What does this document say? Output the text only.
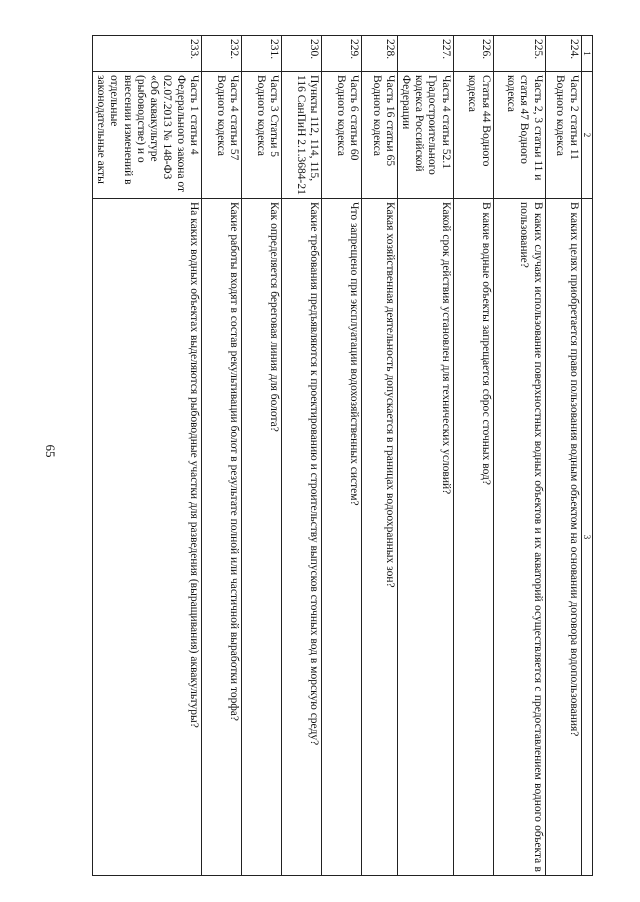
65
1	2	3
224.	Часть 2 статьи 11 Водного кодекса	В каких целях приобретается право пользования водным объектом на основании договора водопользования?
225.	Часть 2, 3 статьи 11 и статья 47 Водного кодекса	В каких случаях использование поверхностных водных объектов и их акваторий осуществляется с предоставлением водного объекта в пользование?
226.	Статья 44 Водного кодекса	В какие водные объекты запрещается сброс сточных вод?
227.	Часть 4 статьи 52.1 Градостроительного кодекса Российской Федерации	Какой срок действия установлен для технических условий?
228.	Часть 16 статьи 65 Водного кодекса	Какая хозяйственная деятельность допускается в границах водоохранных зон?
229.	Часть 6 статьи 60 Водного кодекса	Что запрещено при эксплуатации водохозяйственных систем?
230.	Пункты 112, 114, 115, 116 СанПиН 2.1.3684-21	Какие требования предъявляются к проектированию и строительству выпусков сточных вод в морскую среду?
231.	Часть 3 Статьи 5 Водного кодекса	Как определяется береговая линия для болота?
232.	Часть 4 статьи 57 Водного кодекса	Какие работы входят в состав рекультивации болот в результате полной или частичной выработки торфа?
233.	Часть 1 статьи 4 Федерального закона от 02.07.2013 № 148-ФЗ «Об аквакультуре (рыбоводстве) и о внесении изменений в отдельные законодательные акты	На каких водных объектах выделяются рыбоводные участки для разведения (выращивания) аквакультуры?
